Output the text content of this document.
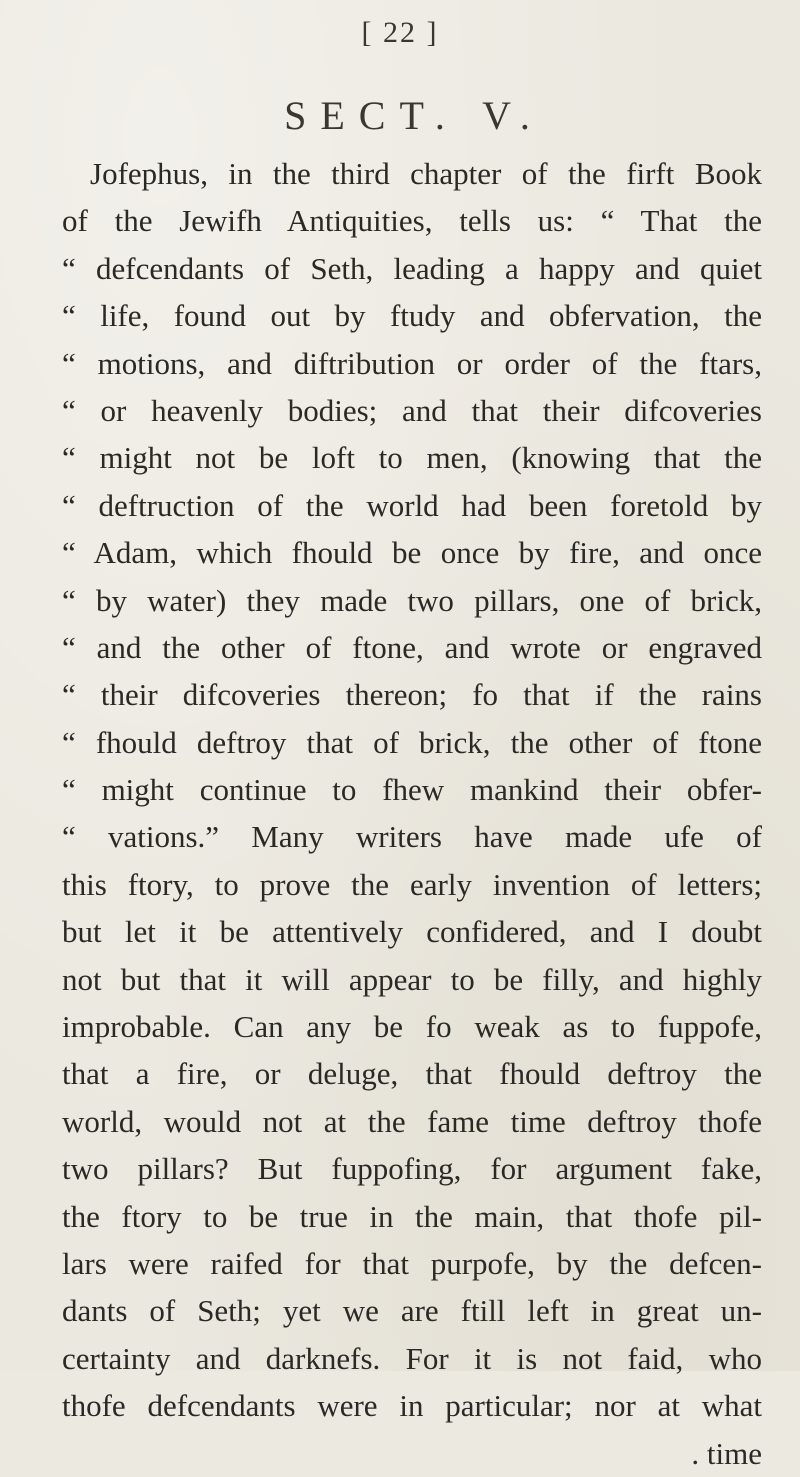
[ 22 ]
SECT. V.
Jofephus, in the third chapter of the firft Book
of the Jewifh Antiquities, tells us: “ That the
“ defcendants of Seth, leading a happy and quiet
“ life, found out by ftudy and obfervation, the
“ motions, and diftribution or order of the ftars,
“ or heavenly bodies; and that their difcoveries
“ might not be loft to men, (knowing that the
“ deftruction of the world had been foretold by
“ Adam, which fhould be once by fire, and once
“ by water) they made two pillars, one of brick,
“ and the other of ftone, and wrote or engraved
“ their difcoveries thereon; fo that if the rains
“ fhould deftroy that of brick, the other of ftone
“ might continue to fhew mankind their obfer-
“ vations.” Many writers have made ufe of
this ftory, to prove the early invention of letters;
but let it be attentively confidered, and I doubt
not but that it will appear to be filly, and highly
improbable. Can any be fo weak as to fuppofe,
that a fire, or deluge, that fhould deftroy the
world, would not at the fame time deftroy thofe
two pillars? But fuppofing, for argument fake,
the ftory to be true in the main, that thofe pil-
lars were raifed for that purpofe, by the defcen-
dants of Seth; yet we are ftill left in great un-
certainty and darknefs. For it is not faid, who
thofe defcendants were in particular; nor at what
. time
